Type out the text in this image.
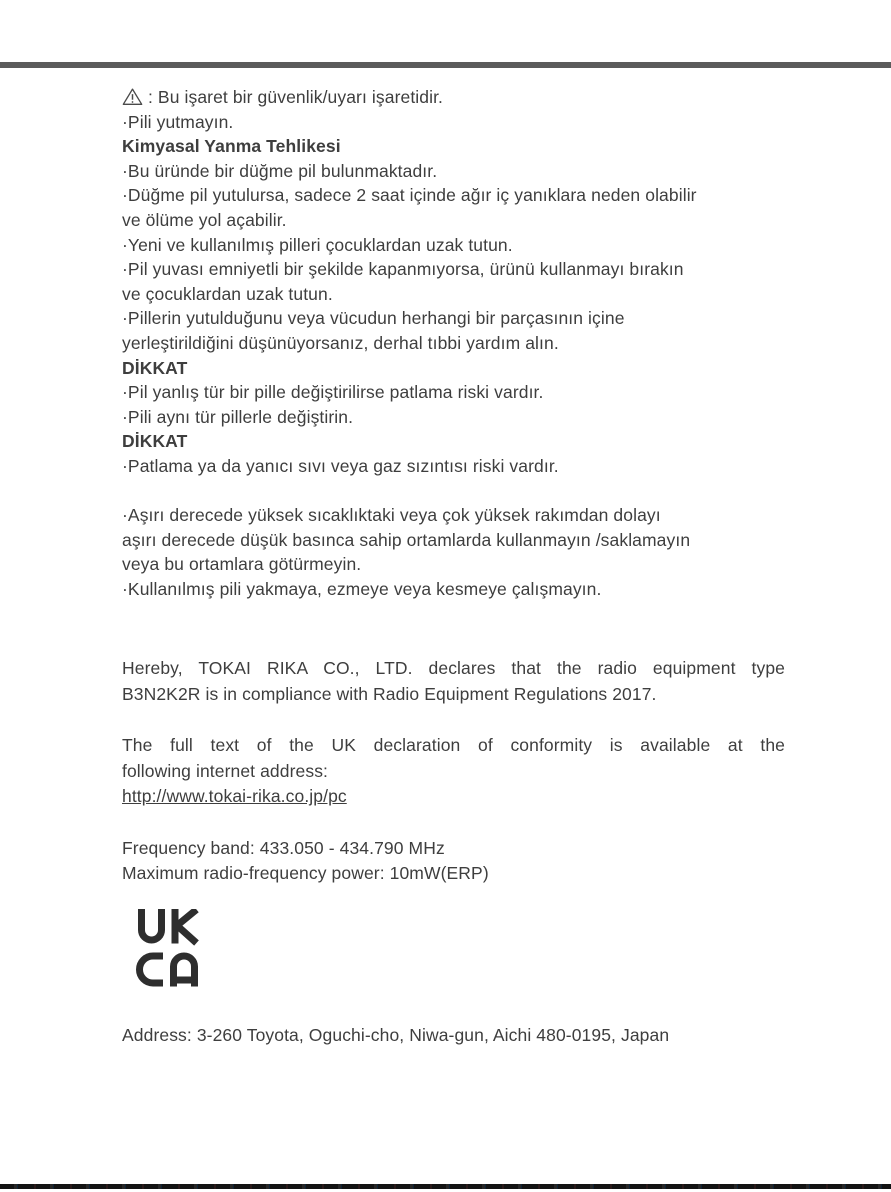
: Bu işaret bir güvenlik/uyarı işaretidir.
·Pili yutmayın.
Kimyasal Yanma Tehlikesi
·Bu üründe bir düğme pil bulunmaktadır.
·Düğme pil yutulursa, sadece 2 saat içinde ağır iç yanıklara neden olabilir
ve ölüme yol açabilir.
·Yeni ve kullanılmış pilleri çocuklardan uzak tutun.
·Pil yuvası emniyetli bir şekilde kapanmıyorsa, ürünü kullanmayı bırakın
ve çocuklardan uzak tutun.
·Pillerin yutulduğunu veya vücudun herhangi bir parçasının içine
yerleştirildiğini düşünüyorsanız, derhal tıbbi yardım alın.
DİKKAT
·Pil yanlış tür bir pille değiştirilirse patlama riski vardır.
·Pili aynı tür pillerle değiştirin.
DİKKAT
·Patlama ya da yanıcı sıvı veya gaz sızıntısı riski vardır.
·Aşırı derecede yüksek sıcaklıktaki veya çok yüksek rakımdan dolayı
aşırı derecede düşük basınca sahip ortamlarda kullanmayın /saklamayın
veya bu ortamlara götürmeyin.
·Kullanılmış pili yakmaya, ezmeye veya kesmeye çalışmayın.
Hereby, TOKAI RIKA CO., LTD. declares that the radio equipment type
B3N2K2R is in compliance with Radio Equipment Regulations 2017.
The full text of the UK declaration of conformity is available at the
following internet address:
http://www.tokai-rika.co.jp/pc
Frequency band: 433.050 - 434.790 MHz
Maximum radio-frequency power: 10mW(ERP)
Address: 3-260 Toyota, Oguchi-cho, Niwa-gun, Aichi 480-0195, Japan
